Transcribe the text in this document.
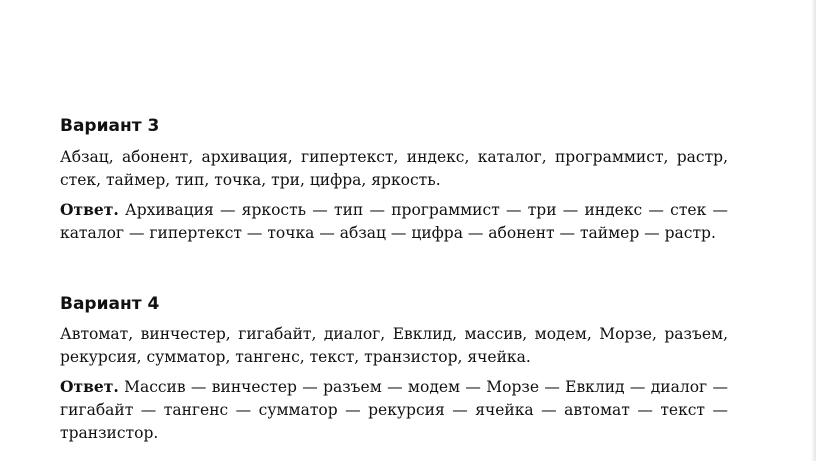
Вариант 3

Абзац, абонент, архивация, гипертекст, индекс, каталог, программист, растр, стек, таймер, тип, точка, три, цифра, яркость.

Ответ. Архивация — яркость — тип — программист — три — индекс — стек — каталог — гипертекст — точка — абзац — цифра — абонент — таймер — растр.

Вариант 4

Автомат, винчестер, гигабайт, диалог, Евклид, массив, модем, Морзе, разъем, рекурсия, сумматор, тангенс, текст, транзистор, ячейка.

Ответ. Массив — винчестер — разъем — модем — Морзе — Евклид — диалог — гигабайт — тангенс — сумматор — рекурсия — ячейка — автомат — текст — транзистор.
